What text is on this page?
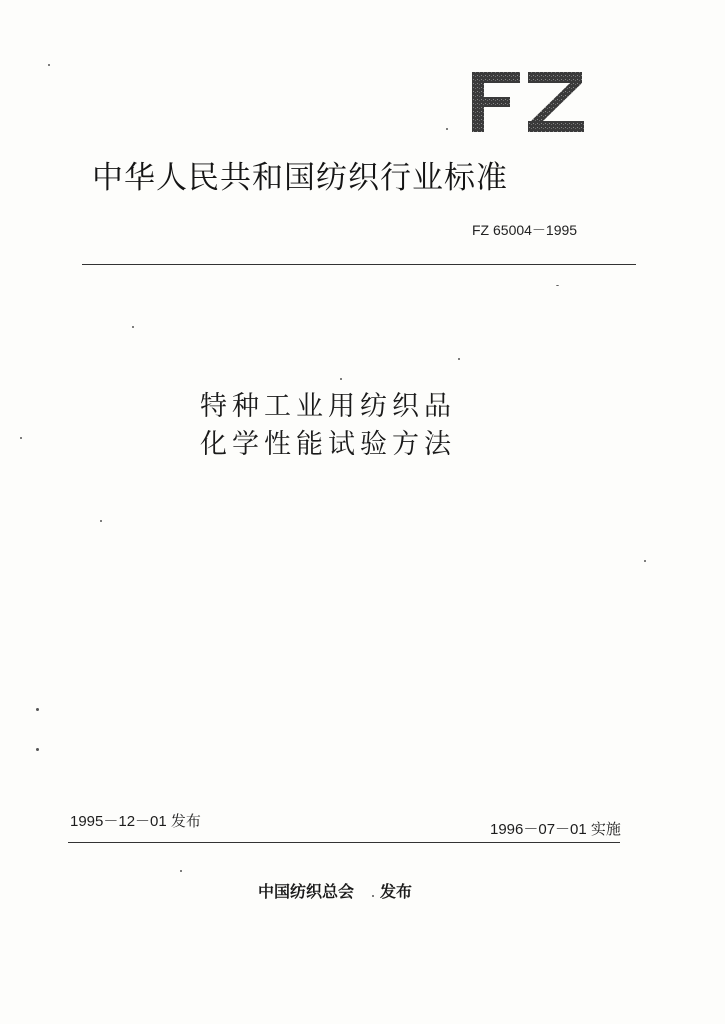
中华人民共和国纺织行业标准
FZ 65004－1995
特种工业用纺织品
化学性能试验方法
1995－12－01 发布	1996－07－01 实施
中国纺织总会 发布
